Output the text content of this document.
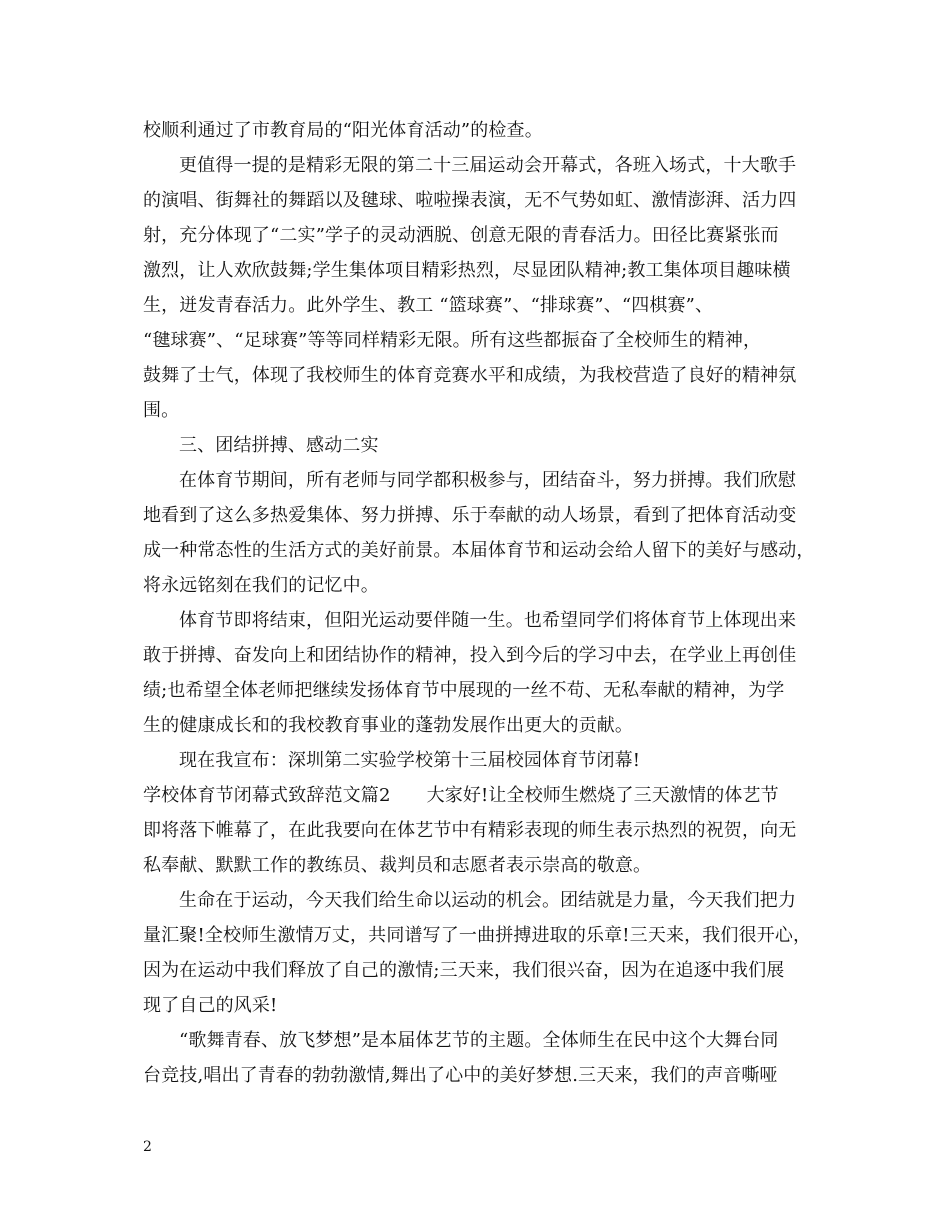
校顺利通过了市教育局的“阳光体育活动”的检查。
更值得一提的是精彩无限的第二十三届运动会开幕式，各班入场式，十大歌手
的演唱、街舞社的舞蹈以及毽球、啦啦操表演，无不气势如虹、激情澎湃、活力四
射，充分体现了“二实”学子的灵动洒脱、创意无限的青春活力。田径比赛紧张而
激烈，让人欢欣鼓舞;学生集体项目精彩热烈，尽显团队精神;教工集体项目趣味横
生，迸发青春活力。此外学生、教工 “篮球赛”、“排球赛”、“四棋赛”、
“毽球赛”、“足球赛”等等同样精彩无限。所有这些都振奋了全校师生的精神，
鼓舞了士气，体现了我校师生的体育竞赛水平和成绩，为我校营造了良好的精神氛
围。
三、团结拼搏、感动二实
在体育节期间，所有老师与同学都积极参与，团结奋斗，努力拼搏。我们欣慰
地看到了这么多热爱集体、努力拼搏、乐于奉献的动人场景，看到了把体育活动变
成一种常态性的生活方式的美好前景。本届体育节和运动会给人留下的美好与感动，
将永远铭刻在我们的记忆中。
体育节即将结束，但阳光运动要伴随一生。也希望同学们将体育节上体现出来
敢于拼搏、奋发向上和团结协作的精神，投入到今后的学习中去，在学业上再创佳
绩;也希望全体老师把继续发扬体育节中展现的一丝不苟、无私奉献的精神，为学
生的健康成长和的我校教育事业的蓬勃发展作出更大的贡献。
现在我宣布：深圳第二实验学校第十三届校园体育节闭幕!
学校体育节闭幕式致辞范文篇2 大家好!让全校师生燃烧了三天激情的体艺节
即将落下帷幕了，在此我要向在体艺节中有精彩表现的师生表示热烈的祝贺，向无
私奉献、默默工作的教练员、裁判员和志愿者表示崇高的敬意。
生命在于运动，今天我们给生命以运动的机会。团结就是力量，今天我们把力
量汇聚!全校师生激情万丈，共同谱写了一曲拼搏进取的乐章!三天来，我们很开心，
因为在运动中我们释放了自己的激情;三天来，我们很兴奋，因为在追逐中我们展
现了自己的风采!
“歌舞青春、放飞梦想”是本届体艺节的主题。全体师生在民中这个大舞台同
台竞技,唱出了青春的勃勃激情,舞出了心中的美好梦想.三天来，我们的声音嘶哑
2
